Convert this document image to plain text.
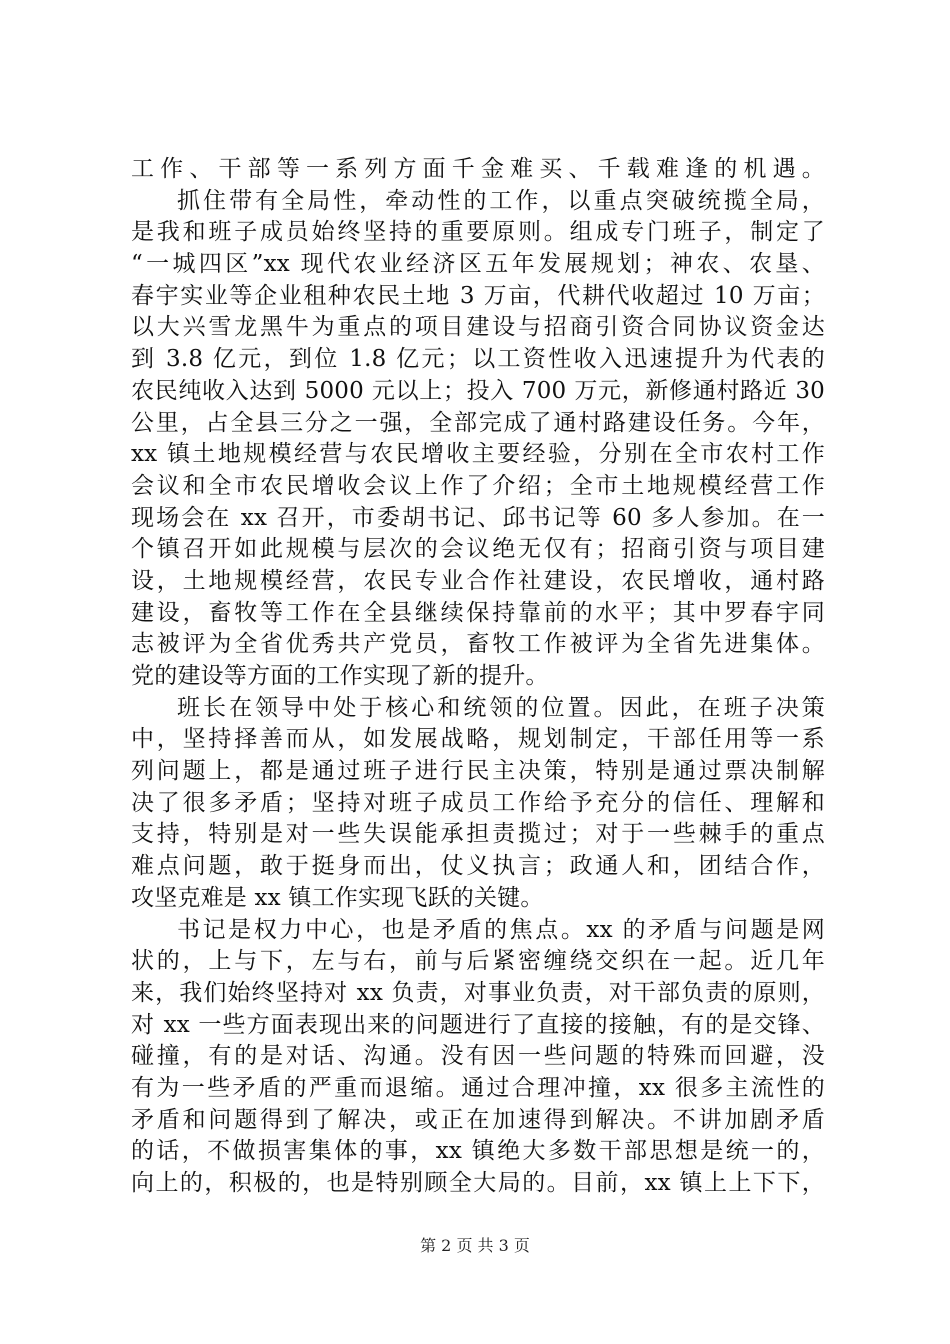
工作、干部等一系列方面千金难买、千载难逢的机遇。
抓住带有全局性，牵动性的工作，以重点突破统揽全局，
是我和班子成员始终坚持的重要原则。组成专门班子，制定了
“一城四区”xx 现代农业经济区五年发展规划；神农、农垦、
春宇实业等企业租种农民土地 3 万亩，代耕代收超过 10 万亩；
以大兴雪龙黑牛为重点的项目建设与招商引资合同协议资金达
到 3.8 亿元，到位 1.8 亿元；以工资性收入迅速提升为代表的
农民纯收入达到 5000 元以上；投入 700 万元，新修通村路近 30
公里，占全县三分之一强，全部完成了通村路建设任务。今年，
xx 镇土地规模经营与农民增收主要经验，分别在全市农村工作
会议和全市农民增收会议上作了介绍；全市土地规模经营工作
现场会在 xx 召开，市委胡书记、邱书记等 60 多人参加。在一
个镇召开如此规模与层次的会议绝无仅有；招商引资与项目建
设，土地规模经营，农民专业合作社建设，农民增收，通村路
建设，畜牧等工作在全县继续保持靠前的水平；其中罗春宇同
志被评为全省优秀共产党员，畜牧工作被评为全省先进集体。
党的建设等方面的工作实现了新的提升。
班长在领导中处于核心和统领的位置。因此，在班子决策
中，坚持择善而从，如发展战略，规划制定，干部任用等一系
列问题上，都是通过班子进行民主决策，特别是通过票决制解
决了很多矛盾；坚持对班子成员工作给予充分的信任、理解和
支持，特别是对一些失误能承担责揽过；对于一些棘手的重点
难点问题，敢于挺身而出，仗义执言；政通人和，团结合作，
攻坚克难是 xx 镇工作实现飞跃的关键。
书记是权力中心，也是矛盾的焦点。xx 的矛盾与问题是网
状的，上与下，左与右，前与后紧密缠绕交织在一起。近几年
来，我们始终坚持对 xx 负责，对事业负责，对干部负责的原则，
对 xx 一些方面表现出来的问题进行了直接的接触，有的是交锋、
碰撞，有的是对话、沟通。没有因一些问题的特殊而回避，没
有为一些矛盾的严重而退缩。通过合理冲撞，xx 很多主流性的
矛盾和问题得到了解决，或正在加速得到解决。不讲加剧矛盾
的话，不做损害集体的事，xx 镇绝大多数干部思想是统一的，
向上的，积极的，也是特别顾全大局的。目前，xx 镇上上下下，
第 2 页 共 3 页
